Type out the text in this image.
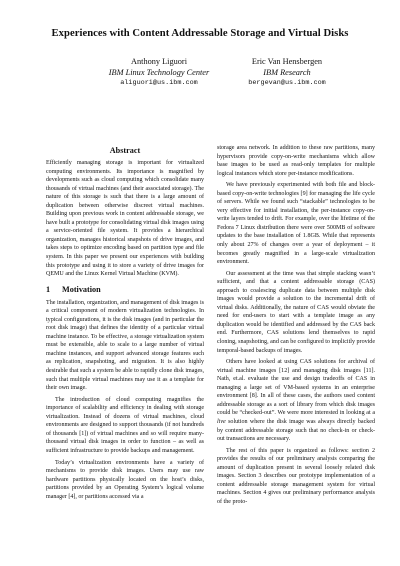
Experiences with Content Addressable Storage and Virtual Disks
Anthony Liguori
IBM Linux Technology Center
aliguori@us.ibm.com
Eric Van Hensbergen
IBM Research
bergevan@us.ibm.com
Abstract

Efficiently managing storage is important for virtualized computing environments. Its importance is magnified by developments such as cloud computing which consolidate many thousands of virtual machines (and their associated storage). The nature of this storage is such that there is a large amount of duplication between otherwise discreet virtual machines. Building upon previous work in content addressable storage, we have built a prototype for consolidating virtual disk images using a service-oriented file system. It provides a hierarchical organization, manages historical snapshots of drive images, and takes steps to optimize encoding based on partition type and file system. In this paper we present our experiences with building this prototype and using it to store a variety of drive images for QEMU and the Linux Kernel Virtual Machine (KVM).

1 Motivation

The installation, organization, and management of disk images is a critical component of modern virtualization technologies. In typical configurations, it is the disk images (and in particular the root disk image) that defines the identity of a particular virtual machine instance. To be effective, a storage virtualization system must be extensible, able to scale to a large number of virtual machine instances, and support advanced storage features such as replication, snapshoting, and migration. It is also highly desirable that such a system be able to rapidly clone disk images, such that multiple virtual machines may use it as a template for their own image.

The introduction of cloud computing magnifies the importance of scalability and efficiency in dealing with storage virtualization. Instead of dozens of virtual machines, cloud environments are designed to support thousands (if not hundreds of thousands [1]) of virtual machines and so will require many-thousand virtual disk images in order to function – as well as sufficient infrastructure to provide backups and management.

Today’s virtualization environments have a variety of mechanisms to provide disk images. Users may use raw hardware partitions physically located on the host’s disks, partitions provided by an Operating System’s logical volume manager [4], or partitions accessed via a

storage area network. In addition to these raw partitions, many hypervisors provide copy-on-write mechanisms which allow base images to be used as read-only templates for multiple logical instances which store per-instance modifications.

We have previously experimented with both file and block-based copy-on-write technologies [9] for managing the life cycle of servers. While we found such “stackable” technologies to be very effective for initial installation, the per-instance copy-on-write layers tended to drift. For example, over the lifetime of the Fedora 7 Linux distribution there were over 500MB of software updates to the base installation of 1.8GB. While that represents only about 27% of changes over a year of deployment – it becomes greatly magnified in a large-scale virtualization environment.

Our assessment at the time was that simple stacking wasn’t sufficient, and that a content addressable storage (CAS) approach to coalescing duplicate data between multiple disk images would provide a solution to the incremental drift of virtual disks. Additionally, the nature of CAS would obviate the need for end-users to start with a template image as any duplication would be identified and addressed by the CAS back end. Furthermore, CAS solutions lend themselves to rapid cloning, snapshoting, and can be configured to implicitly provide temporal-based backups of images.

Others have looked at using CAS solutions for archival of virtual machine images [12] and managing disk images [11]. Nath, et.al. evaluate the use and design tradeoffs of CAS in managing a large set of VM-based systems in an enterprise environment [8]. In all of these cases, the authors used content addressable storage as a sort of library from which disk images could be “checked-out”. We were more interested in looking at a live solution where the disk image was always directly backed by content addressable storage such that no check-in or check-out transactions are necessary.

The rest of this paper is organized as follows: section 2 provides the results of our preliminary analysis comparing the amount of duplication present in several loosely related disk images. Section 3 describes our prototype implementation of a content addressable storage management system for virtual machines. Section 4 gives our preliminary performance analysis of the proto-
